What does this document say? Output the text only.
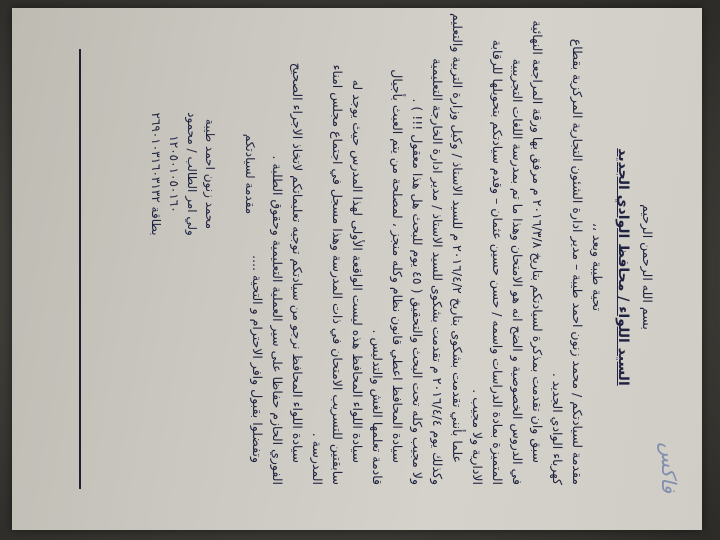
فاكس
بسم الله الرحمن الرحيم
السيد اللواء / محافظ الوادي الجديد
تحية طيبة وبعد ،،
مقدمة لسيادتكم / محمد زنون احمد طيبة – مدير ادارة الشئون التجارية المركزية بقطاع
كهرباء الوادي الجديد .
سبق وان تقدمت بمذكرة لسيادتكم بتاريخ ٢٠١٦/٣/٨ م مرفق بها ورقة المراجعة النهائية
في الدروس الخصوصية و الضح انه هو الامتحان وهذا ما تم بمدرسة اللغات التجريبية
المتميزة بمادة الدراسات واسمه / حسن حسين عثمان – وقدم سيادتكم بتحويلها للرقابة
الادارية ولا مجيب .
علما بأنني تقدمت بشكوى بتاريخ ٢٠١٦/٤/٢ م للسيد الاستاذ / وكيل وزارة التربية والتعليم
وكذلك يوم ٢٠١٦/٤/٤ م تقدمت بشكوى للسيد الاستاذ / مدير ادارة الخارجة التعليمية
ولا مجيب وكله تحت البحث والتحقيق ( ٤٥ يوم للبحث هل هذا معقول !!! ) .
سيادة المحافظ اعطي قانون نظام وكله منجز ، لمصلحة من يتم العبث بأجيال
قادمة تعلمها الغش والتدليس .
سيادة اللواء المحافظ هذه ليست الواقعة الأولى لهذا المدرس حيث يوجد له
سابقتين للتسريب الامتحان في ذات المدرسة وهذا مسجل في اجتماع مجلس امناء
المدرسة .
سيادة اللواء المحافظ نرجو من سيادتكم توجيه تعليماتكم لاتخاذ الاجراء الصحيح
الفوري الحازم حفاظا على سير العملية التعليمية وحقوق الطلبة .
وتفضلوا بقبول وافر الاحترام و التحية ....
مقدمة لسيادتكم
محمد زنون احمد طيبة
ولي امر الطالب / محمود
١٢٠٥٠١٠٥٠١٦٠
بطاقة ٢٦٩٠١٠٣١٦٠٣١٣٢
